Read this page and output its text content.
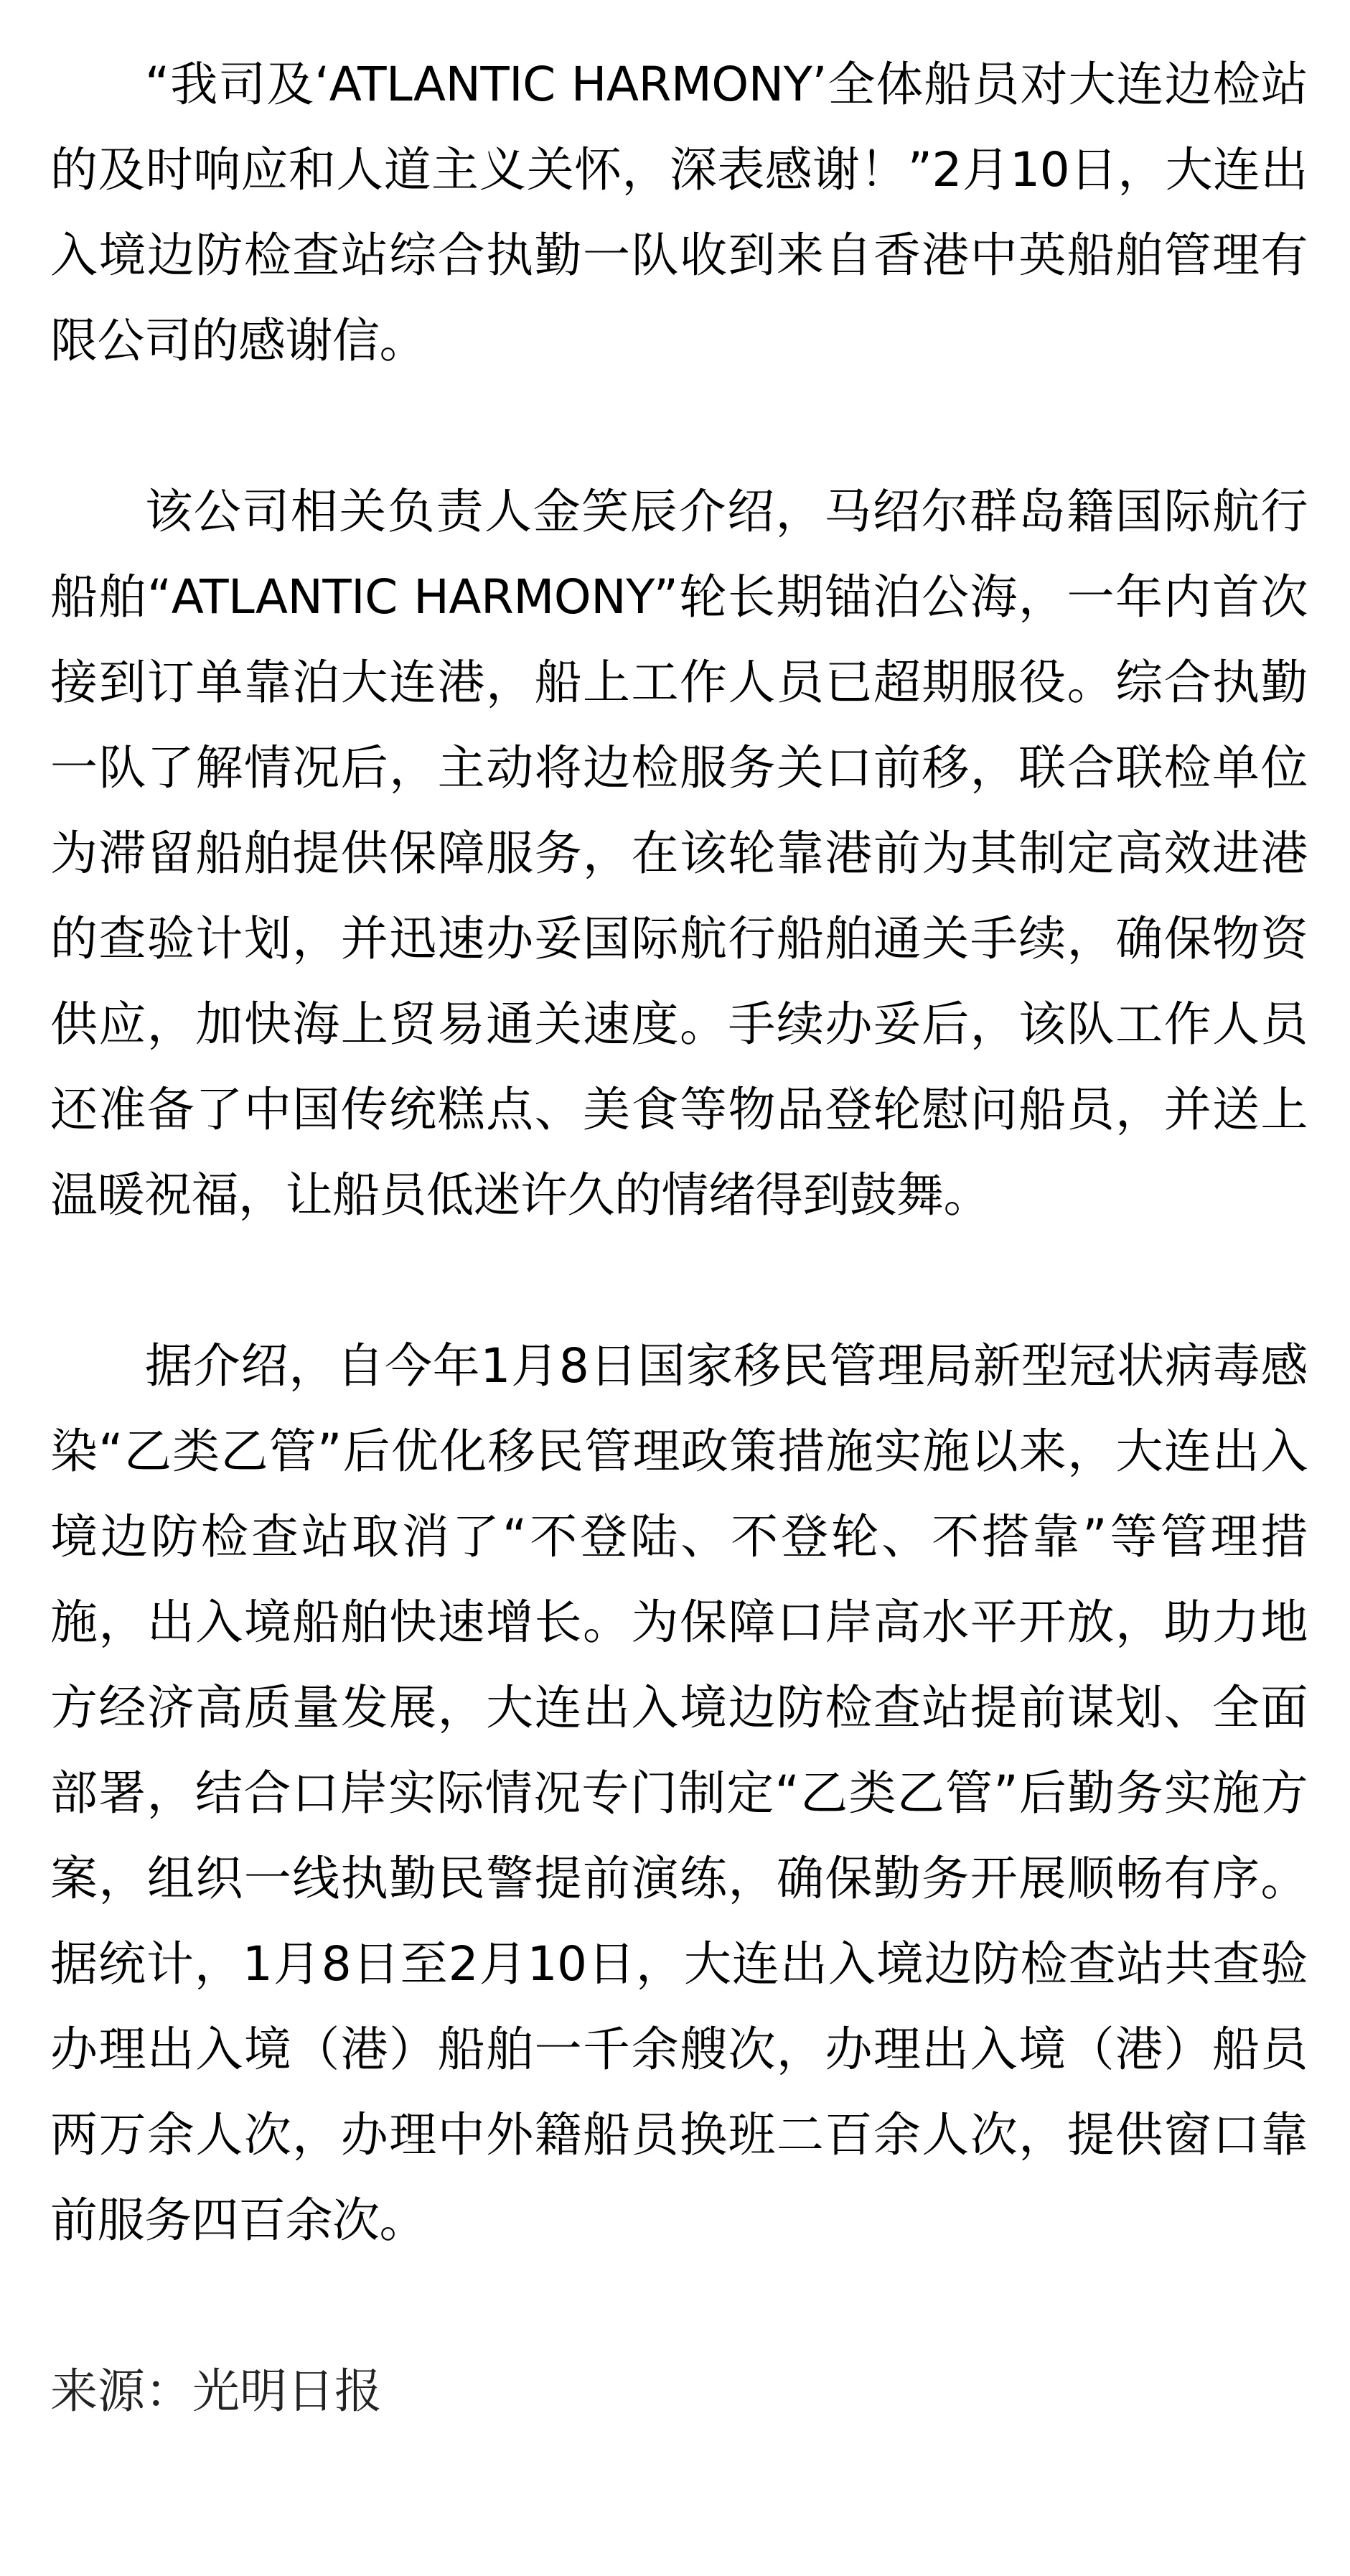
“我司及‘ATLANTIC HARMONY’全体船员对大连边检站的及时响应和人道主义关怀，深表感谢！”2月10日，大连出入境边防检查站综合执勤一队收到来自香港中英船舶管理有限公司的感谢信。

该公司相关负责人金笑辰介绍，马绍尔群岛籍国际航行船舶“ATLANTIC HARMONY”轮长期锚泊公海，一年内首次接到订单靠泊大连港，船上工作人员已超期服役。综合执勤一队了解情况后，主动将边检服务关口前移，联合联检单位为滞留船舶提供保障服务，在该轮靠港前为其制定高效进港的查验计划，并迅速办妥国际航行船舶通关手续，确保物资供应，加快海上贸易通关速度。手续办妥后，该队工作人员还准备了中国传统糕点、美食等物品登轮慰问船员，并送上温暖祝福，让船员低迷许久的情绪得到鼓舞。

据介绍，自今年1月8日国家移民管理局新型冠状病毒感染“乙类乙管”后优化移民管理政策措施实施以来，大连出入境边防检查站取消了“不登陆、不登轮、不搭靠”等管理措施，出入境船舶快速增长。为保障口岸高水平开放，助力地方经济高质量发展，大连出入境边防检查站提前谋划、全面部署，结合口岸实际情况专门制定“乙类乙管”后勤务实施方案，组织一线执勤民警提前演练，确保勤务开展顺畅有序。据统计，1月8日至2月10日，大连出入境边防检查站共查验办理出入境（港）船舶一千余艘次，办理出入境（港）船员两万余人次，办理中外籍船员换班二百余人次，提供窗口靠前服务四百余次。

来源：光明日报
